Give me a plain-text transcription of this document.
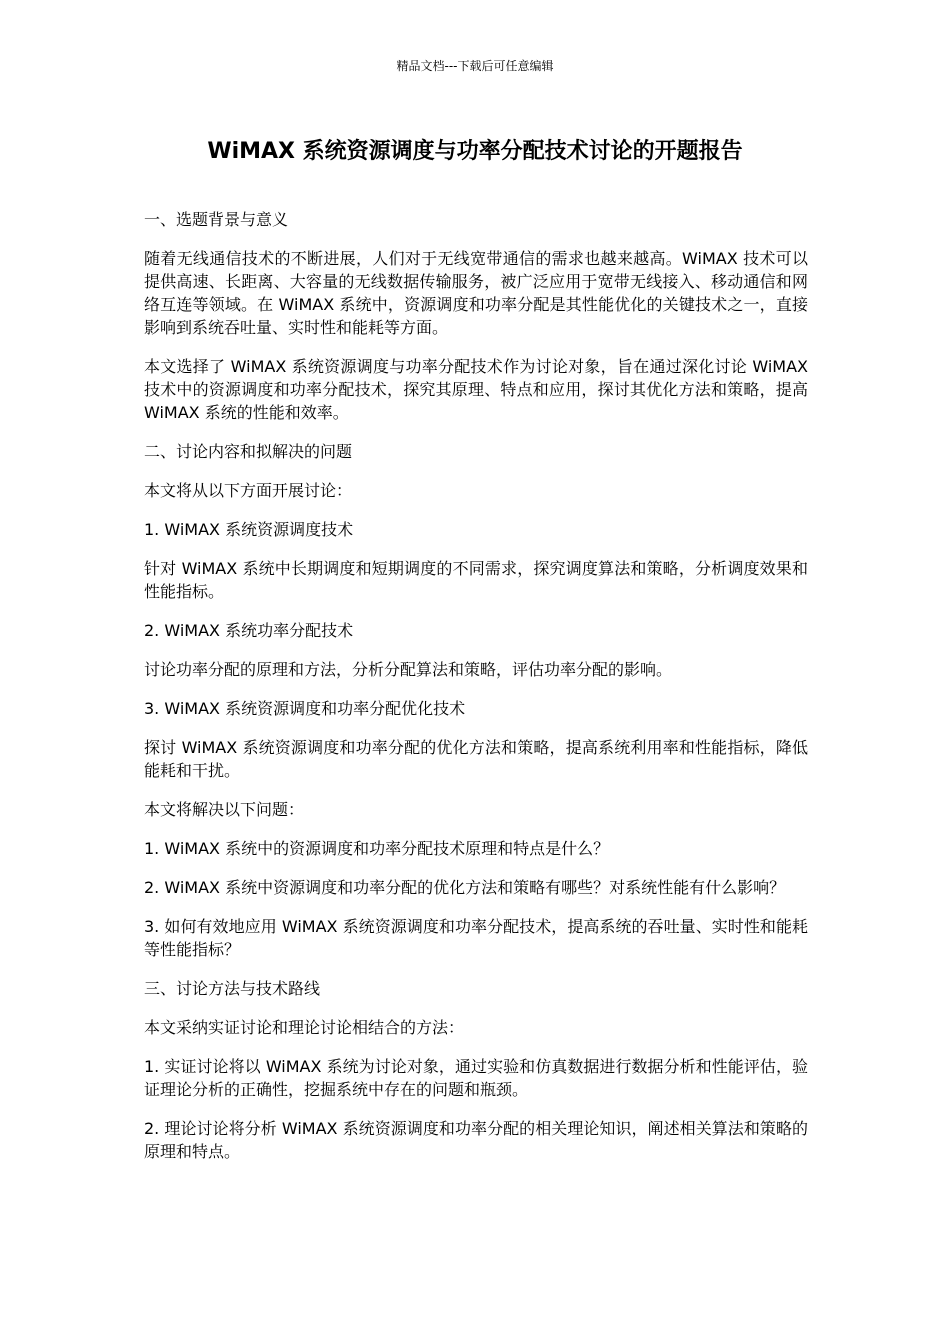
精品文档---下载后可任意编辑
WiMAX 系统资源调度与功率分配技术讨论的开题报告

一、选题背景与意义

随着无线通信技术的不断进展，人们对于无线宽带通信的需求也越来越高。WiMAX 技术可以提供高速、长距离、大容量的无线数据传输服务，被广泛应用于宽带无线接入、移动通信和网络互连等领域。在 WiMAX 系统中，资源调度和功率分配是其性能优化的关键技术之一，直接影响到系统吞吐量、实时性和能耗等方面。

本文选择了 WiMAX 系统资源调度与功率分配技术作为讨论对象，旨在通过深化讨论 WiMAX 技术中的资源调度和功率分配技术，探究其原理、特点和应用，探讨其优化方法和策略，提高 WiMAX 系统的性能和效率。

二、讨论内容和拟解决的问题

本文将从以下方面开展讨论：

1. WiMAX 系统资源调度技术

针对 WiMAX 系统中长期调度和短期调度的不同需求，探究调度算法和策略，分析调度效果和性能指标。

2. WiMAX 系统功率分配技术

讨论功率分配的原理和方法，分析分配算法和策略，评估功率分配的影响。

3. WiMAX 系统资源调度和功率分配优化技术

探讨 WiMAX 系统资源调度和功率分配的优化方法和策略，提高系统利用率和性能指标，降低能耗和干扰。

本文将解决以下问题：

1. WiMAX 系统中的资源调度和功率分配技术原理和特点是什么？

2. WiMAX 系统中资源调度和功率分配的优化方法和策略有哪些？对系统性能有什么影响？

3. 如何有效地应用 WiMAX 系统资源调度和功率分配技术，提高系统的吞吐量、实时性和能耗等性能指标？

三、讨论方法与技术路线

本文采纳实证讨论和理论讨论相结合的方法：

1. 实证讨论将以 WiMAX 系统为讨论对象，通过实验和仿真数据进行数据分析和性能评估，验证理论分析的正确性，挖掘系统中存在的问题和瓶颈。

2. 理论讨论将分析 WiMAX 系统资源调度和功率分配的相关理论知识，阐述相关算法和策略的原理和特点。
